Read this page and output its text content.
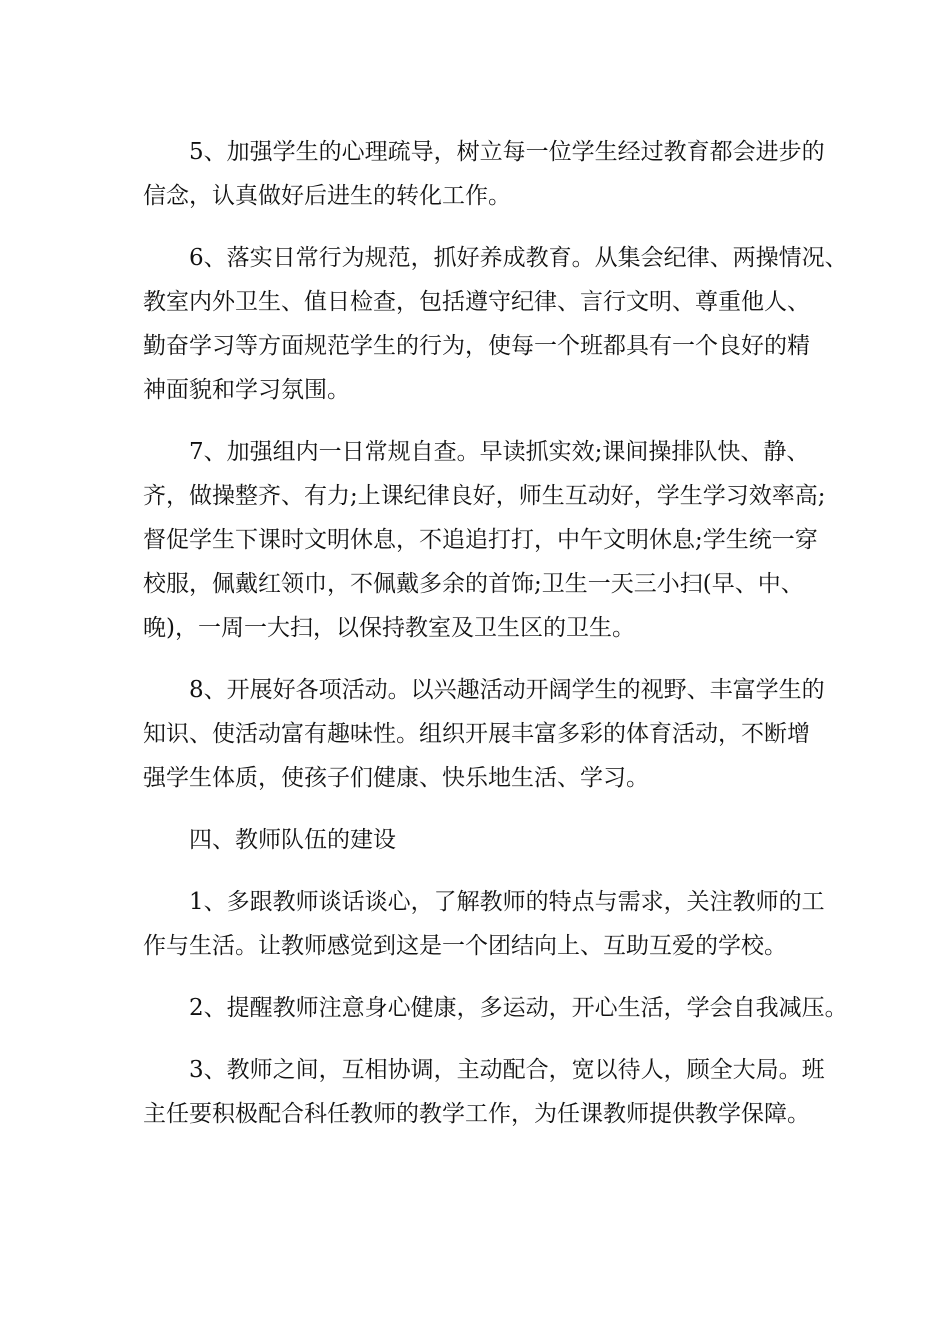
5、加强学生的心理疏导，树立每一位学生经过教育都会进步的
信念，认真做好后进生的转化工作。

6、落实日常行为规范，抓好养成教育。从集会纪律、两操情况、
教室内外卫生、值日检查，包括遵守纪律、言行文明、尊重他人、
勤奋学习等方面规范学生的行为，使每一个班都具有一个良好的精
神面貌和学习氛围。

7、加强组内一日常规自查。早读抓实效;课间操排队快、静、
齐，做操整齐、有力;上课纪律良好，师生互动好，学生学习效率高;
督促学生下课时文明休息，不追追打打，中午文明休息;学生统一穿
校服，佩戴红领巾，不佩戴多余的首饰;卫生一天三小扫(早、中、
晚)，一周一大扫，以保持教室及卫生区的卫生。

8、开展好各项活动。以兴趣活动开阔学生的视野、丰富学生的
知识、使活动富有趣味性。组织开展丰富多彩的体育活动，不断增
强学生体质，使孩子们健康、快乐地生活、学习。

四、教师队伍的建设

1、多跟教师谈话谈心，了解教师的特点与需求，关注教师的工
作与生活。让教师感觉到这是一个团结向上、互助互爱的学校。

2、提醒教师注意身心健康，多运动，开心生活，学会自我减压。

3、教师之间，互相协调，主动配合，宽以待人，顾全大局。班
主任要积极配合科任教师的教学工作，为任课教师提供教学保障。
